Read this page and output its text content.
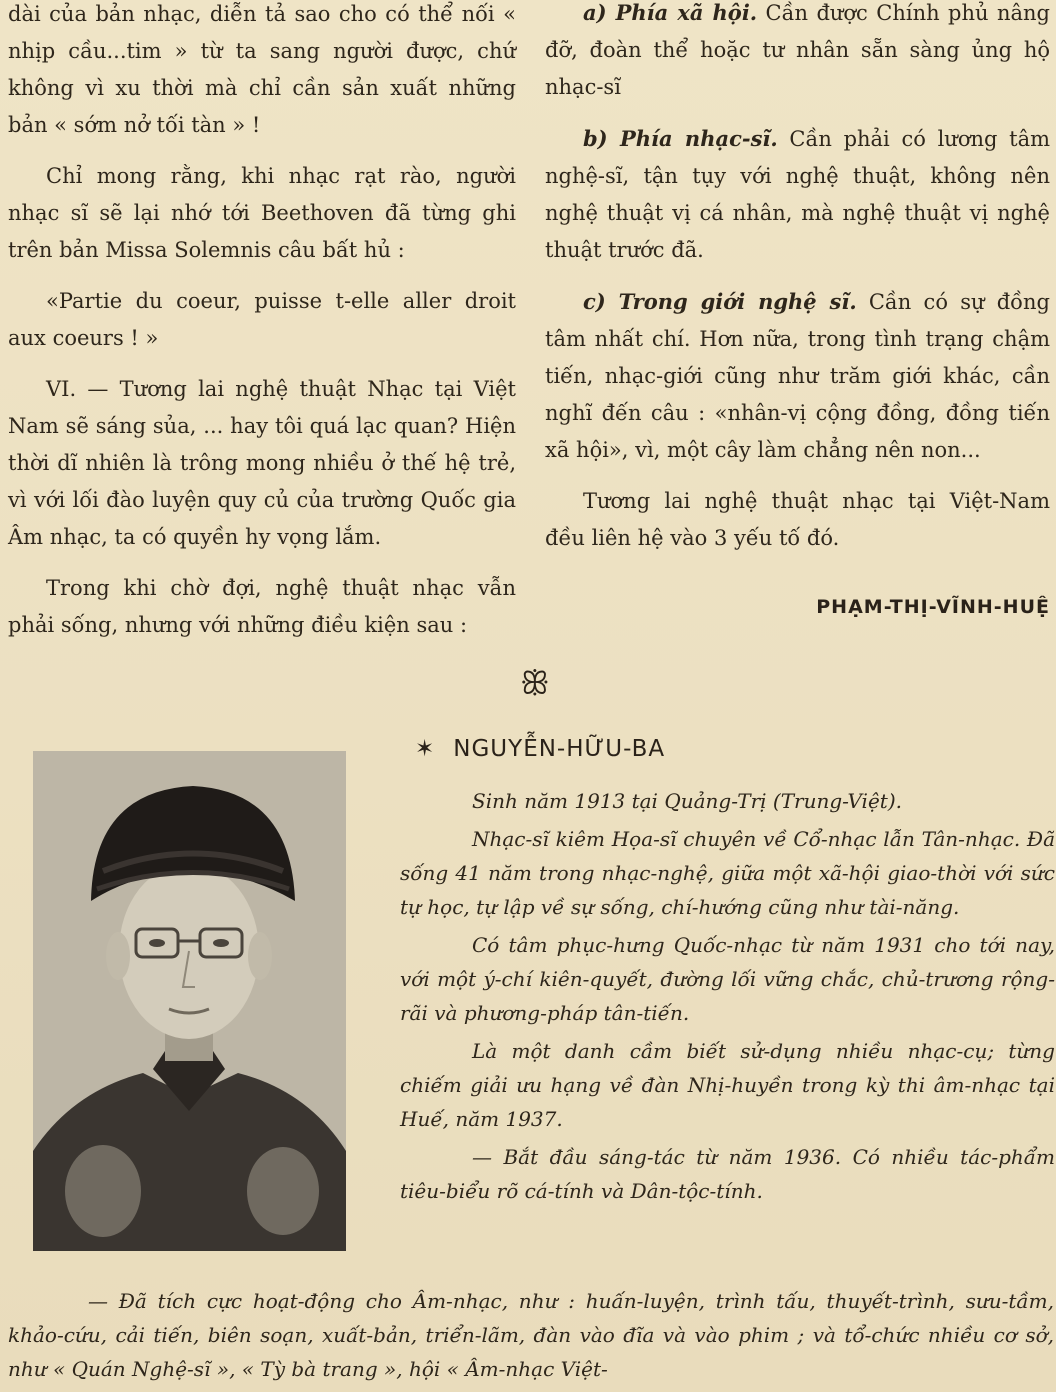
dài của bản nhạc, diễn tả sao cho có thể nối « nhịp cầu...tim » từ ta sang người được, chứ không vì xu thời mà chỉ cần sản xuất những bản « sớm nở tối tàn » !

Chỉ mong rằng, khi nhạc rạt rào, người nhạc sĩ sẽ lại nhớ tới Beethoven đã từng ghi trên bản Missa Solemnis câu bất hủ :

«Partie du coeur, puisse t-elle aller droit aux coeurs ! »

VI. — Tương lai nghệ thuật Nhạc tại Việt Nam sẽ sáng sủa, ... hay tôi quá lạc quan? Hiện thời dĩ nhiên là trông mong nhiều ở thế hệ trẻ, vì với lối đào luyện quy củ của trường Quốc gia Âm nhạc, ta có quyền hy vọng lắm.

Trong khi chờ đợi, nghệ thuật nhạc vẫn phải sống, nhưng với những điều kiện sau :

a) Phía xã hội. Cần được Chính phủ nâng đỡ, đoàn thể hoặc tư nhân sẵn sàng ủng hộ nhạc-sĩ

b) Phía nhạc-sĩ. Cần phải có lương tâm nghệ-sĩ, tận tụy với nghệ thuật, không nên nghệ thuật vị cá nhân, mà nghệ thuật vị nghệ thuật trước đã.

c) Trong giới nghệ sĩ. Cần có sự đồng tâm nhất chí. Hơn nữa, trong tình trạng chậm tiến, nhạc-giới cũng như trăm giới khác, cần nghĩ đến câu : «nhân-vị cộng đồng, đồng tiến xã hội», vì, một cây làm chẳng nên non...

Tương lai nghệ thuật nhạc tại Việt-Nam đều liên hệ vào 3 yếu tố đó.

PHẠM-THỊ-VĨNH-HUỆ
ꕥ
✶ NGUYỄN-HỮU-BA

Sinh năm 1913 tại Quảng-Trị (Trung-Việt).

Nhạc-sĩ kiêm Họa-sĩ chuyên về Cổ-nhạc lẫn Tân-nhạc. Đã sống 41 năm trong nhạc-nghệ, giữa một xã-hội giao-thời với sức tự học, tự lập về sự sống, chí-hướng cũng như tài-năng.

Có tâm phục-hưng Quốc-nhạc từ năm 1931 cho tới nay, với một ý-chí kiên-quyết, đường lối vững chắc, chủ-trương rộng-rãi và phương-pháp tân-tiến.

Là một danh cầm biết sử-dụng nhiều nhạc-cụ; từng chiếm giải ưu hạng về đàn Nhị-huyền trong kỳ thi âm-nhạc tại Huế, năm 1937.

— Bắt đầu sáng-tác từ năm 1936. Có nhiều tác-phẩm tiêu-biểu rõ cá-tính và Dân-tộc-tính.

— Đã tích cực hoạt-động cho Âm-nhạc, như : huấn-luyện, trình tấu, thuyết-trình, sưu-tầm, khảo-cứu, cải tiến, biên soạn, xuất-bản, triển-lãm, đàn vào đĩa và vào phim ; và tổ-chức nhiều cơ sở, như « Quán Nghệ-sĩ », « Tỳ bà trang », hội « Âm-nhạc Việt-
